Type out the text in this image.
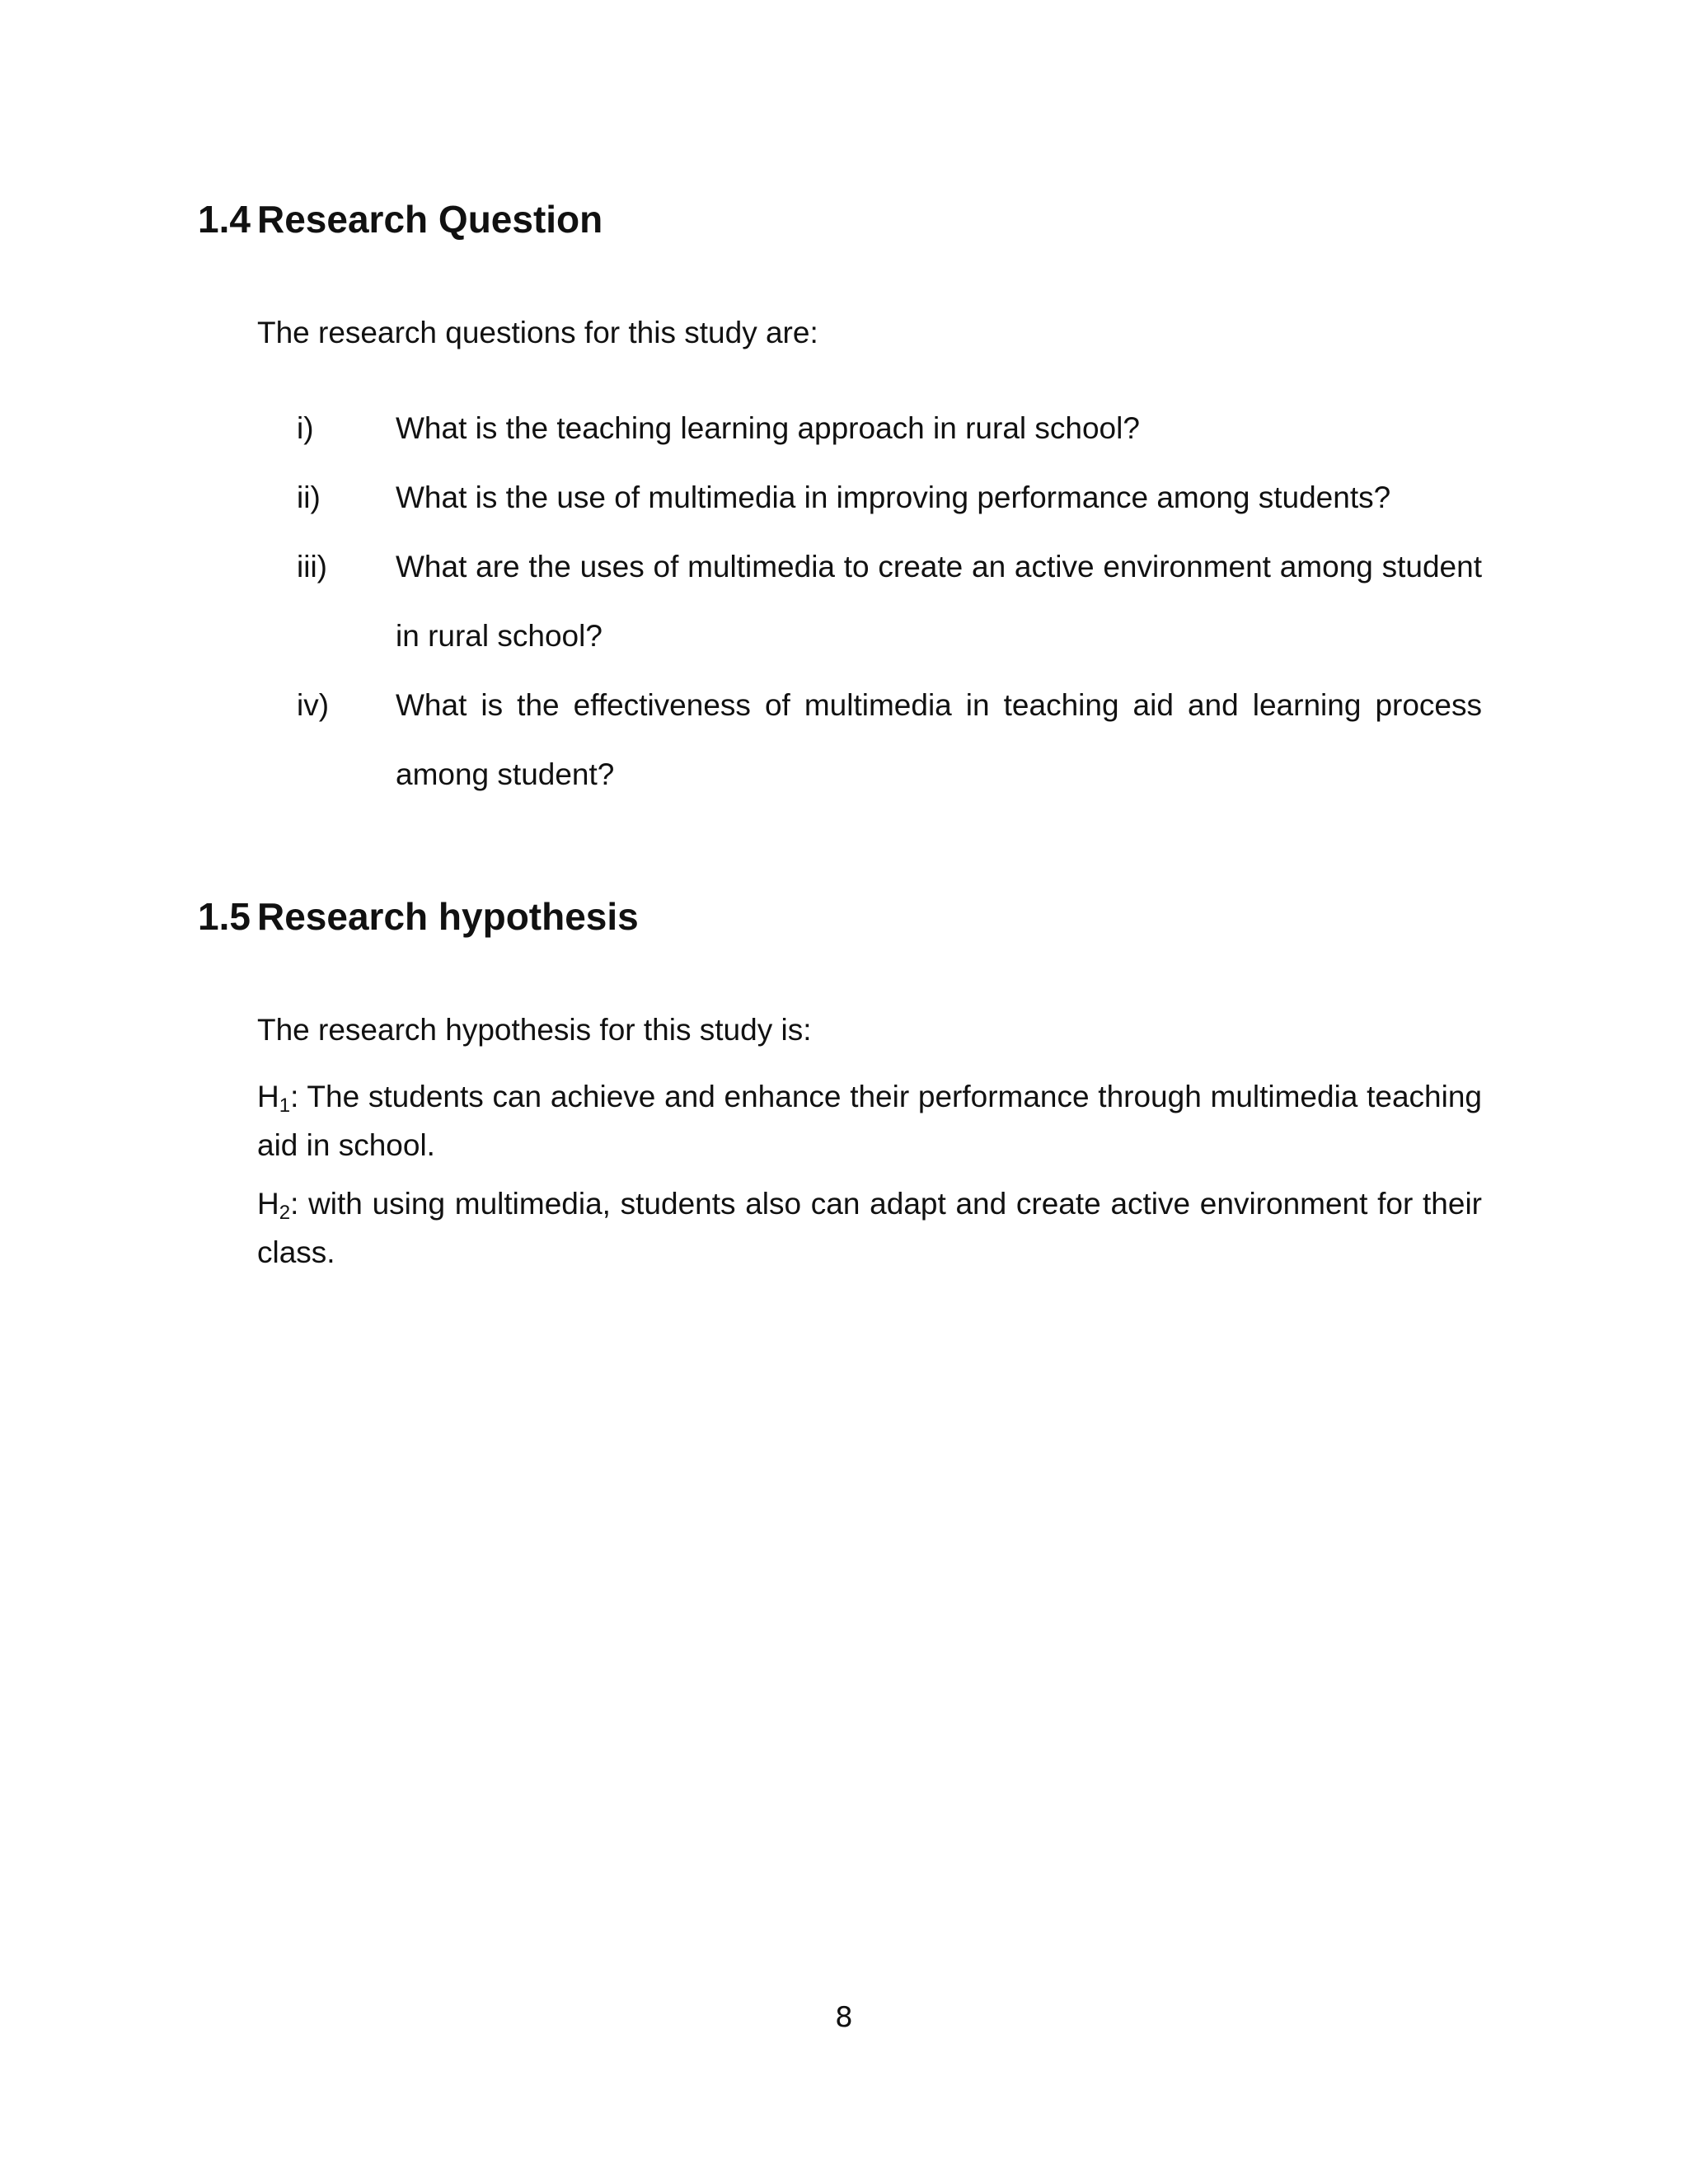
1.4 Research Question
The research questions for this study are:
i)	What is the teaching learning approach in rural school?
ii) What is the use of multimedia in improving performance among students?
iii) What are the uses of multimedia to create an active environment among student in rural school?
iv) What is the effectiveness of multimedia in teaching aid and learning process among student?
1.5 Research hypothesis
The research hypothesis for this study is:
$H_1$: The students can achieve and enhance their performance through multimedia teaching aid in school.
$H_2$: with using multimedia, students also can adapt and create active environment for their class.
8
